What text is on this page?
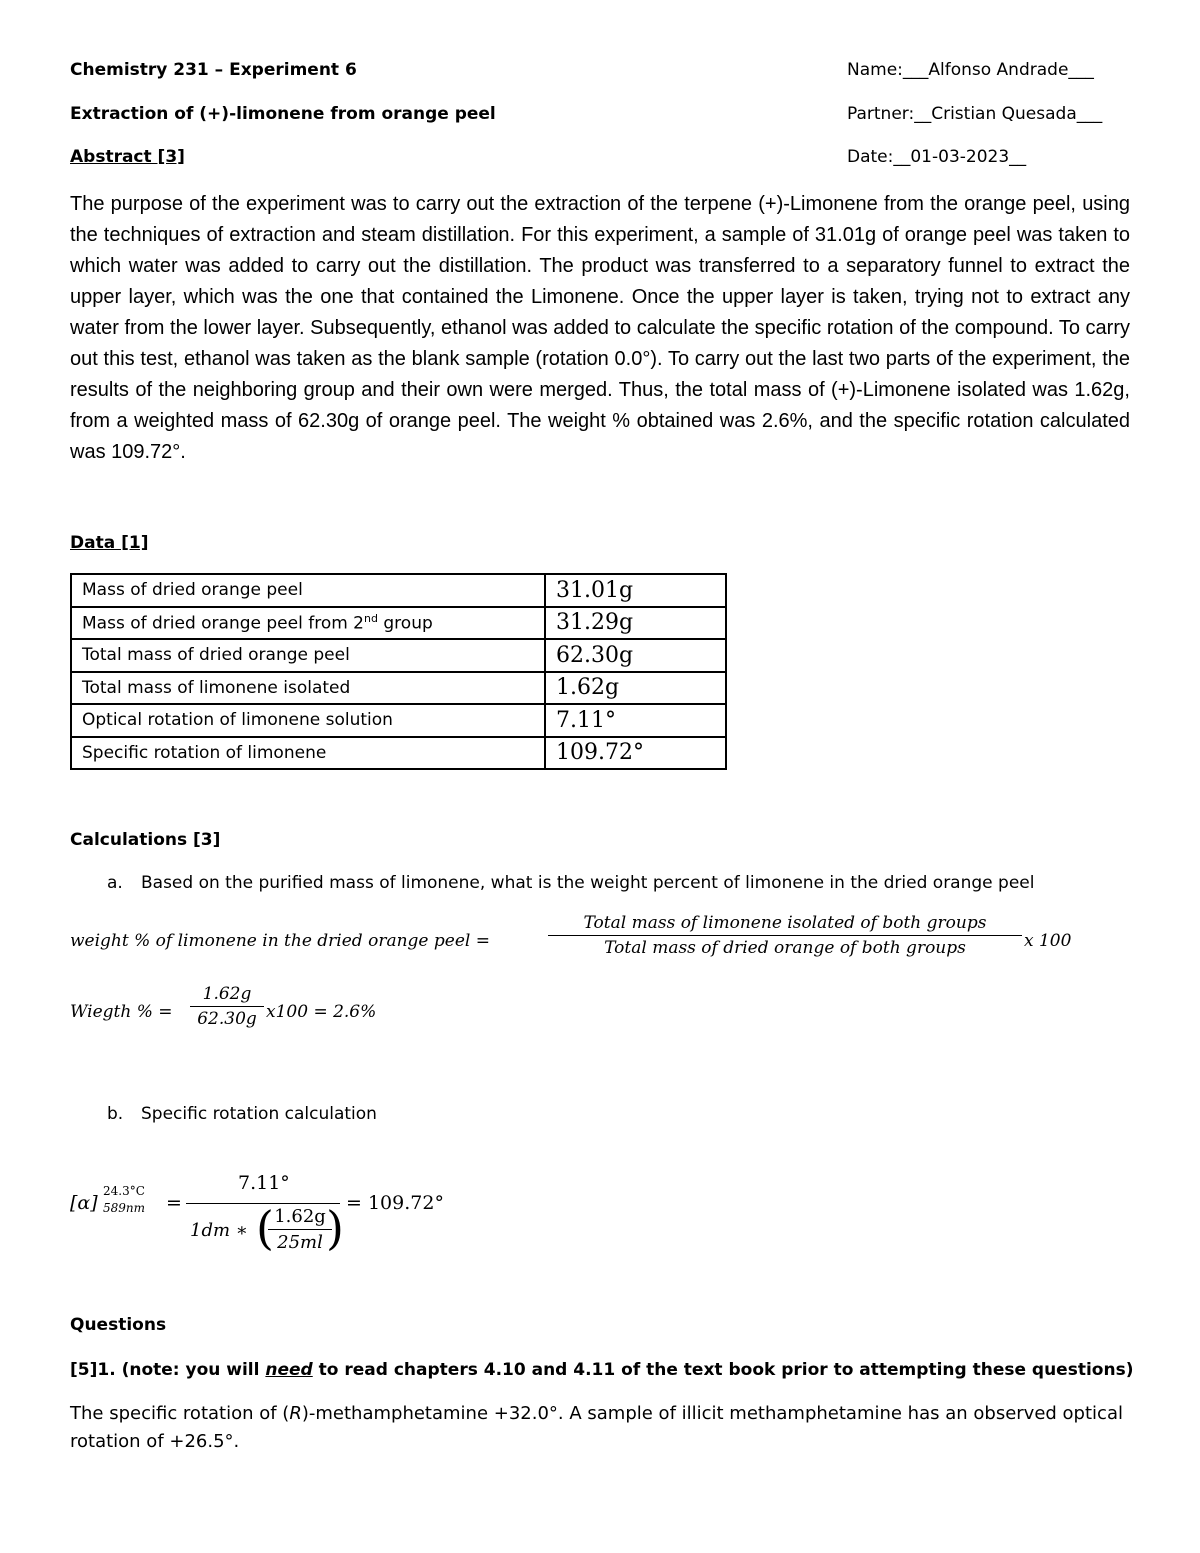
Chemistry 231 – Experiment 6
Extraction of (+)-limonene from orange peel
Abstract [3]
Name:___Alfonso Andrade___
Partner:__Cristian Quesada___
Date:__01-03-2023__
The purpose of the experiment was to carry out the extraction of the terpene (+)-Limonene from the orange peel, using the techniques of extraction and steam distillation. For this experiment, a sample of 31.01g of orange peel was taken to which water was added to carry out the distillation. The product was transferred to a separatory funnel to extract the upper layer, which was the one that contained the Limonene. Once the upper layer is taken, trying not to extract any water from the lower layer. Subsequently, ethanol was added to calculate the specific rotation of the compound. To carry out this test, ethanol was taken as the blank sample (rotation 0.0°). To carry out the last two parts of the experiment, the results of the neighboring group and their own were merged. Thus, the total mass of (+)-Limonene isolated was 1.62g, from a weighted mass of 62.30g of orange peel. The weight % obtained was 2.6%, and the specific rotation calculated was 109.72°.
Data [1]
Mass of dried orange peel	31.01g
Mass of dried orange peel from 2nd group	31.29g
Total mass of dried orange peel	62.30g
Total mass of limonene isolated	1.62g
Optical rotation of limonene solution	7.11°
Specific rotation of limonene	109.72°
Calculations [3]
a. Based on the purified mass of limonene, what is the weight percent of limonene in the dried orange peel
weight % of limonene in the dried orange peel =
Total mass of limonene isolated of both groups
Total mass of dried orange of both groups	x 100
Wiegth % =
1.62g
62.30g x100 = 2.6%
b. Specific rotation calculation
[α]
24.3°C
589nm =
7.11°
1dm ∗ ( 1.62g
25ml ) = 109.72°
Questions
[5]1. (note: you will need to read chapters 4.10 and 4.11 of the text book prior to attempting these questions)
The specific rotation of (R)-methamphetamine +32.0°. A sample of illicit methamphetamine has an observed optical
rotation of +26.5°.
